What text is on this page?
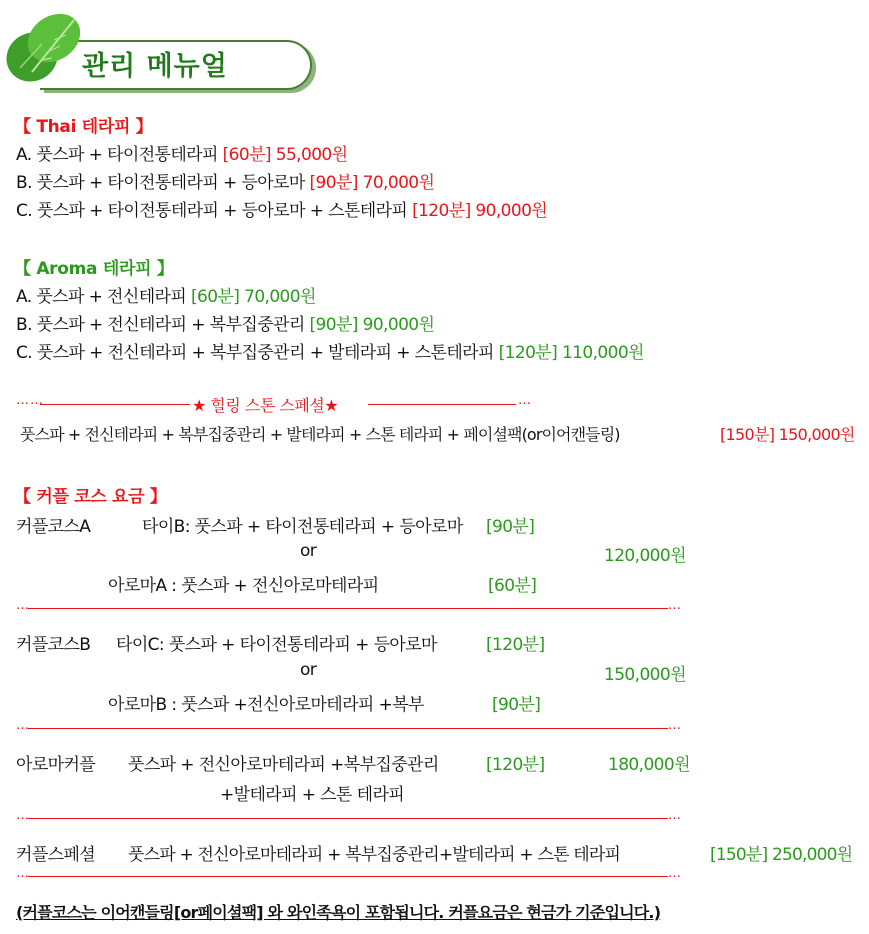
관리 메뉴얼
【 Thai 테라피 】
A. 풋스파 + 타이전통테라피 [60분] 55,000원
B. 풋스파 + 타이전통테라피 + 등아로마 [90분] 70,000원
C. 풋스파 + 타이전통테라피 + 등아로마 + 스톤테라피 [120분] 90,000원
【 Aroma 테라피 】
A. 풋스파 + 전신테라피 [60분] 70,000원
B. 풋스파 + 전신테라피 + 복부집중관리 [90분] 90,000원
C. 풋스파 + 전신테라피 + 복부집중관리 + 발테라피 + 스톤테라피 [120분] 110,000원
……	★ 힐링 스톤 스페셜★	…
풋스파 + 전신테라피 + 복부집중관리 + 발테라피 + 스톤 테라피 + 페이셜팩(or이어캔들링)	[150분] 150,000원
【 커플 코스 요금 】
커플코스A	타이B: 풋스파 + 타이전통테라피 + 등아로마 [90분]
or	120,000원
아로마A : 풋스파 + 전신아로마테라피	[60분]
…	…
커플코스B 타이C: 풋스파 + 타이전통테라피 + 등아로마	[120분]
or	150,000원
아로마B : 풋스파 +전신아로마테라피 +복부	[90분]
…	…
아로마커플 풋스파 + 전신아로마테라피 +복부집중관리	[120분]	180,000원
+발테라피 + 스톤 테라피
…	…
커플스페셜 풋스파 + 전신아로마테라피 + 복부집중관리+발테라피 + 스톤 테라피	[150분] 250,000원
…	…
(커플코스는 이어캔들링[or페이셜팩] 와 와인족욕이 포함됩니다. 커플요금은 현금가 기준입니다.)
